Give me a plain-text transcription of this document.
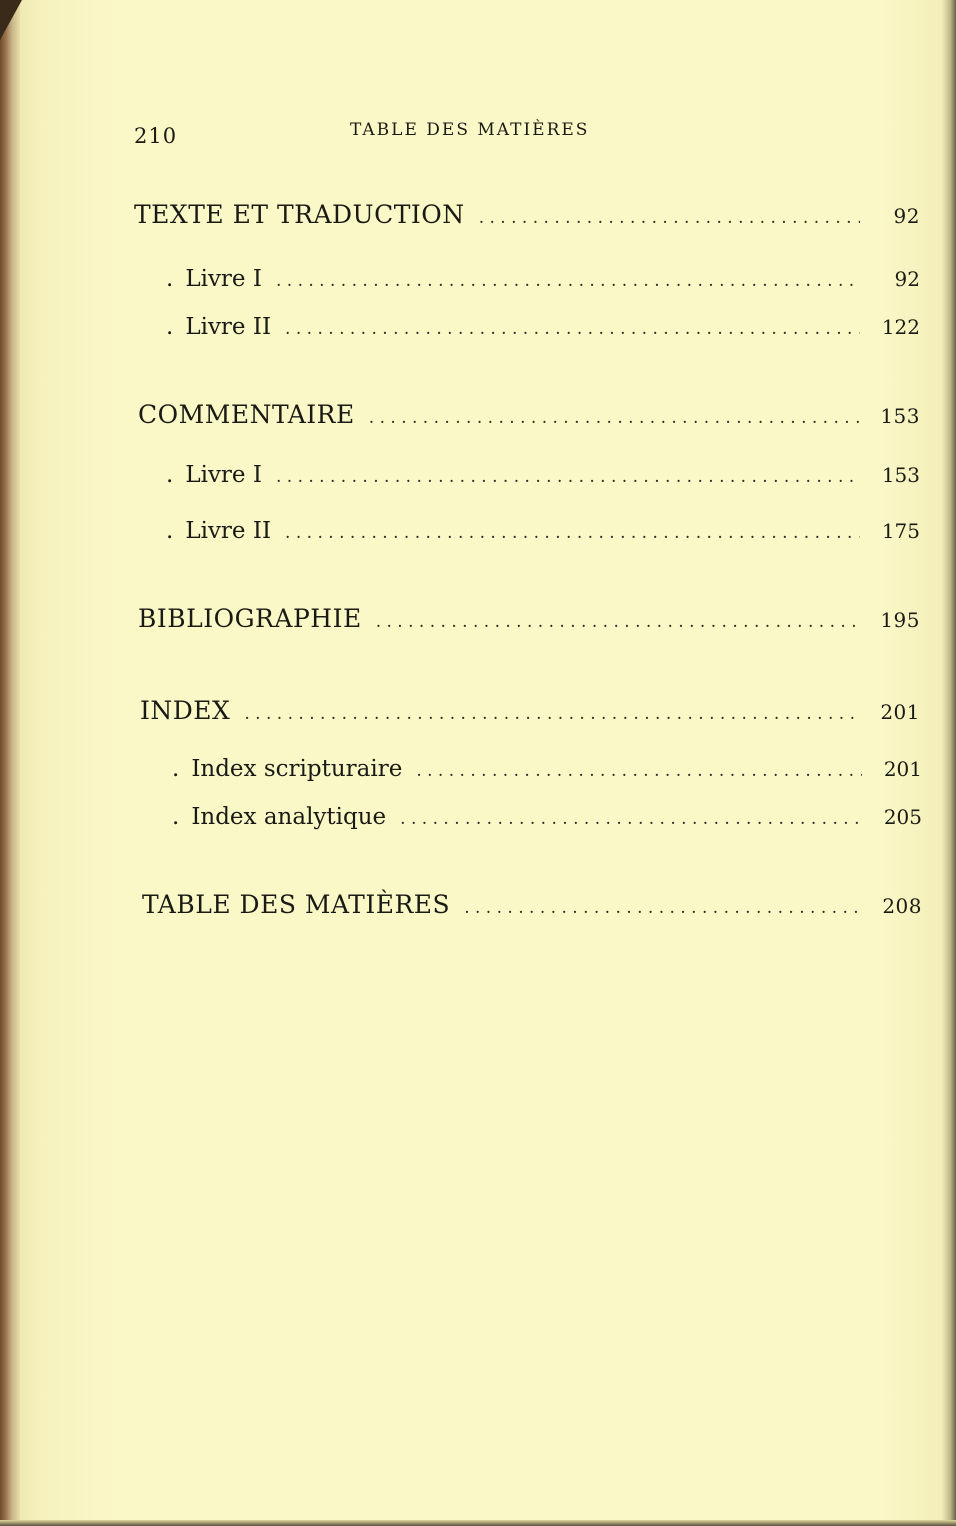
210	TABLE DES MATIÈRES
TEXTE ET TRADUCTION . . .	92
. Livre I . . .	92
. Livre II . . .	122
COMMENTAIRE . . .	153
. Livre I . . .	153
. Livre II . . .	175
BIBLIOGRAPHIE . . .	195
INDEX . . .	201
. Index scripturaire . . .	201
. Index analytique . . .	205
TABLE DES MATIÈRES . . .	208
